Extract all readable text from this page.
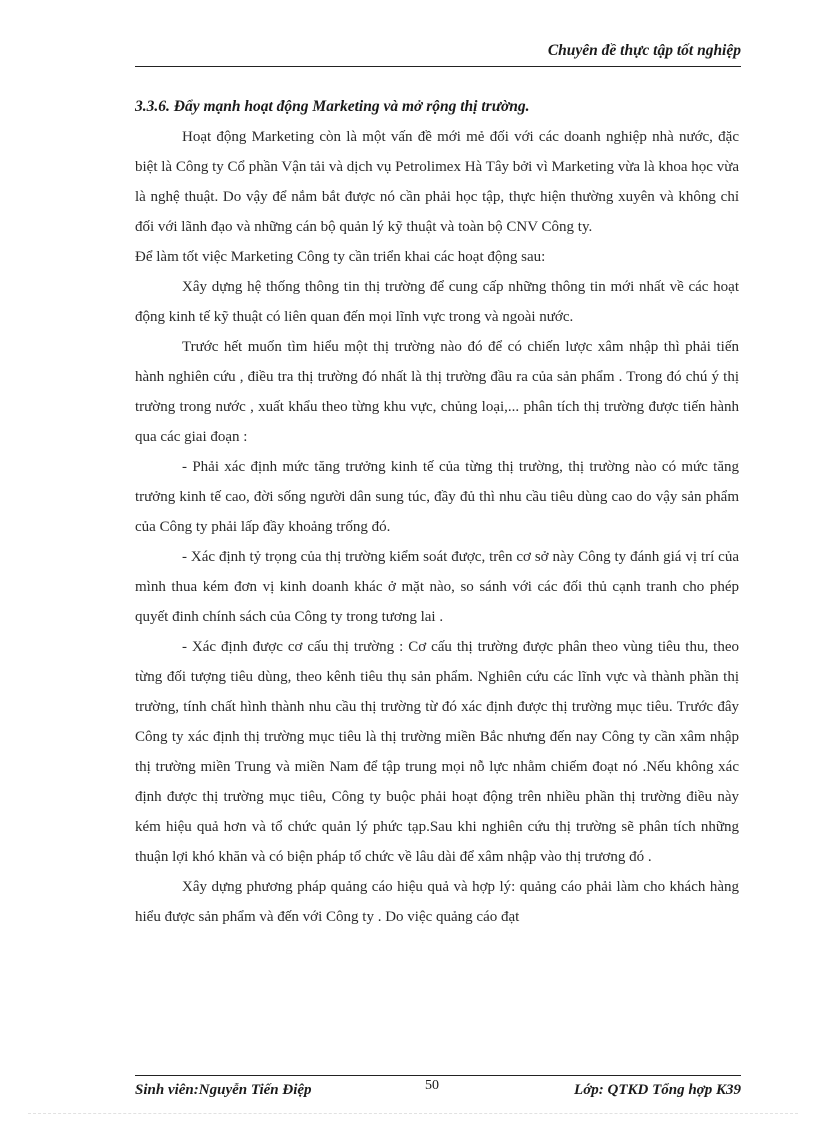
Chuyên đề thực tập tốt nghiệp

3.3.6. Đẩy mạnh hoạt động Marketing và mở rộng thị trường.

Hoạt động Marketing còn là một vấn đề mới mẻ đối với các doanh nghiệp nhà nước, đặc biệt là Công ty Cổ phần Vận tải và dịch vụ Petrolimex Hà Tây bởi vì Marketing vừa là khoa học vừa là nghệ thuật. Do vậy để nắm bắt được nó cần phải học tập, thực hiện thường xuyên và không chỉ đối với lãnh đạo và những cán bộ quản lý kỹ thuật và toàn bộ CNV Công ty.

Để làm tốt việc Marketing Công ty cần triển khai các hoạt động sau:

Xây dựng hệ thống thông tin thị trường để cung cấp những thông tin mới nhất về các hoạt động kinh tế kỹ thuật có liên quan đến mọi lĩnh vực trong và ngoài nước.

Trước hết muốn tìm hiểu một thị trường nào đó để có chiến lược xâm nhập thì phải tiến hành nghiên cứu , điều tra thị trường đó nhất là thị trường đầu ra của sản phẩm . Trong đó chú ý thị trường trong nước , xuất khẩu theo từng khu vực, chủng loại,... phân tích thị trường được tiến hành qua các giai đoạn :

- Phải xác định mức tăng trưởng kinh tế của từng thị trường, thị trường nào có mức tăng trưởng kinh tế cao, đời sống người dân sung túc, đầy đủ thì nhu cầu tiêu dùng cao do vậy sản phẩm của Công ty phải lấp đầy khoảng trống đó.

- Xác định tỷ trọng của thị trường kiểm soát được, trên cơ sở này Công ty đánh giá vị trí của mình thua kém đơn vị kinh doanh khác ở mặt nào, so sánh với các đối thủ cạnh tranh cho phép quyết đinh chính sách của Công ty trong tương lai .

- Xác định được cơ cấu thị trường : Cơ cấu thị trường được phân theo vùng tiêu thu, theo từng đối tượng tiêu dùng, theo kênh tiêu thụ sản phẩm. Nghiên cứu các lĩnh vực và thành phần thị trường, tính chất hình thành nhu cầu thị trường từ đó xác định được thị trường mục tiêu. Trước đây Công ty xác định thị trường mục tiêu là thị trường miền Bắc nhưng đến nay Công ty cần xâm nhập thị trường miền Trung và miền Nam để tập trung mọi nỗ lực nhằm chiếm đoạt nó .Nếu không xác định được thị trường mục tiêu, Công ty buộc phải hoạt động trên nhiều phần thị trường điều này kém hiệu quả hơn và tổ chức quản lý phức tạp.Sau khi nghiên cứu thị trường sẽ phân tích những thuận lợi khó khăn và có biện pháp tổ chức về lâu dài để xâm nhập vào thị trương đó .

Xây dựng phương pháp quảng cáo hiệu quả và hợp lý: quảng cáo phải làm cho khách hàng hiểu được sản phẩm và đến với Công ty . Do việc quảng cáo đạt

Sinh viên:Nguyễn Tiến Điệp	50	Lớp: QTKD Tổng hợp K39
